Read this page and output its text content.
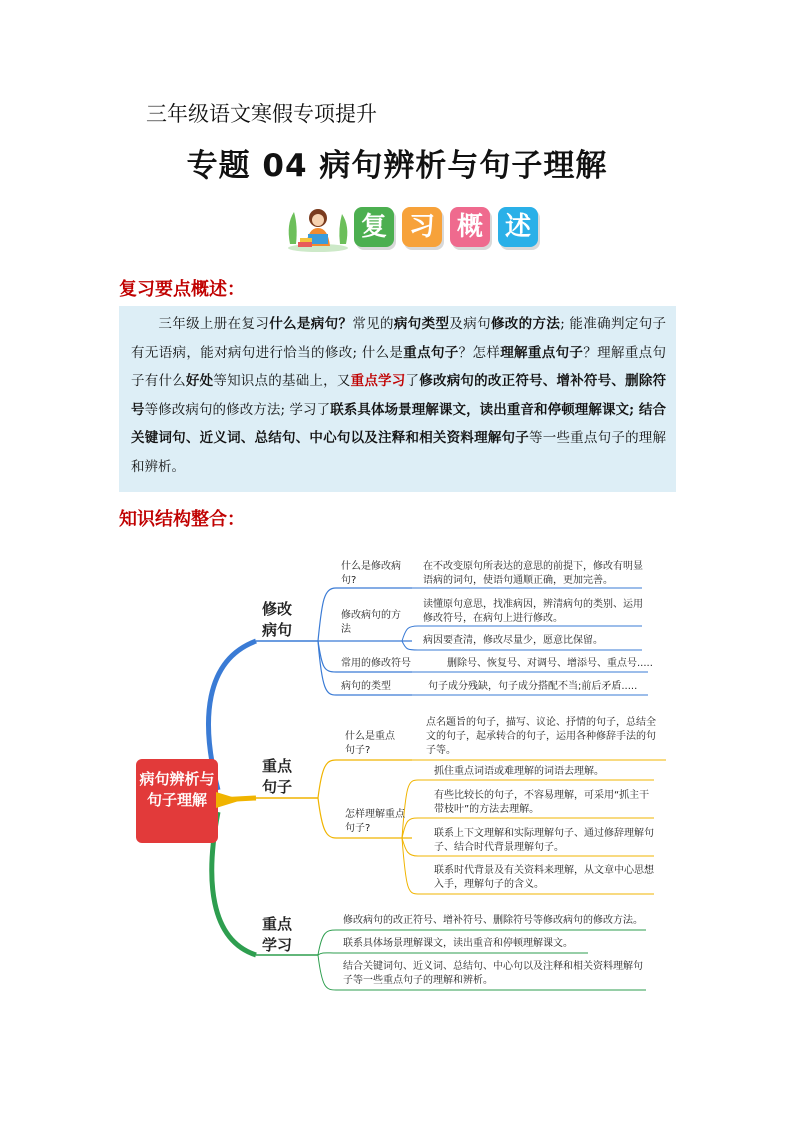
三年级语文寒假专项提升
专题 04 病句辨析与句子理解
复 习 概 述
复习要点概述：
三年级上册在复习什么是病句？常见的病句类型及病句修改的方法; 能准确判定句子有无语病，能对病句进行恰当的修改; 什么是重点句子？怎样理解重点句子？理解重点句子有什么好处等知识点的基础上，又重点学习了修改病句的改正符号、增补符号、删除符号等修改病句的修改方法; 学习了联系具体场景理解课文，读出重音和停顿理解课文; 结合关键词句、近义词、总结句、中心句以及注释和相关资料理解句子等一些重点句子的理解和辨析。
知识结构整合：
病句辨析与句子理解
修改病句
重点句子
重点学习
什么是修改病句?
在不改变原句所表达的意思的前提下，修改有明显语病的词句，使语句通顺正确，更加完善。
修改病句的方法
读懂原句意思，找准病因，辨清病句的类别、运用修改符号，在病句上进行修改。
病因要查清，修改尽量少，愿意比保留。
常用的修改符号	删除号、恢复号、对调号、增添号、重点号.....
病句的类型	句子成分残缺，句子成分搭配不当;前后矛盾.....
什么是重点句子?
点名题旨的句子，描写、议论、抒情的句子，总结全文的句子，起承转合的句子，运用各种修辞手法的句子等。
怎样理解重点句子?
抓住重点词语或难理解的词语去理解。
有些比较长的句子，不容易理解，可采用“抓主干带枝叶”的方法去理解。
联系上下文理解和实际理解句子、通过修辞理解句子、结合时代背景理解句子。
联系时代背景及有关资料来理解，从文章中心思想入手，理解句子的含义。
修改病句的改正符号、增补符号、删除符号等修改病句的修改方法。
联系具体场景理解课文，读出重音和停顿理解课文。
结合关键词句、近义词、总结句、中心句以及注释和相关资料理解句子等一些重点句子的理解和辨析。
